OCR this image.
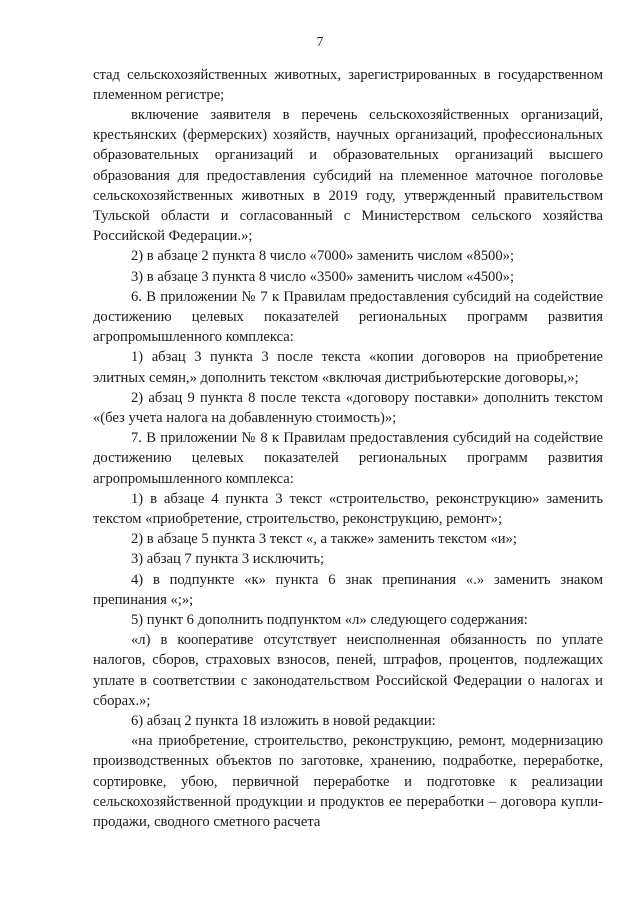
7

стад сельскохозяйственных животных, зарегистрированных в государственном племенном регистре;

включение заявителя в перечень сельскохозяйственных организаций, крестьянских (фермерских) хозяйств, научных организаций, профессиональных образовательных организаций и образовательных организаций высшего образования для предоставления субсидий на племенное маточное поголовье сельскохозяйственных животных в 2019 году, утвержденный правительством Тульской области и согласованный с Министерством сельского хозяйства Российской Федерации.»;

2) в абзаце 2 пункта 8 число «7000» заменить числом «8500»;

3) в абзаце 3 пункта 8 число «3500» заменить числом «4500»;

6. В приложении № 7 к Правилам предоставления субсидий на содействие достижению целевых показателей региональных программ развития агропромышленного комплекса:

1) абзац 3 пункта 3 после текста «копии договоров на приобретение элитных семян,» дополнить текстом «включая дистрибьютерские договоры,»;

2) абзац 9 пункта 8 после текста «договору поставки» дополнить текстом «(без учета налога на добавленную стоимость)»;

7. В приложении № 8 к Правилам предоставления субсидий на содействие достижению целевых показателей региональных программ развития агропромышленного комплекса:

1) в абзаце 4 пункта 3 текст «строительство, реконструкцию» заменить текстом «приобретение, строительство, реконструкцию, ремонт»;

2) в абзаце 5 пункта 3 текст «, а также» заменить текстом «и»;

3) абзац 7 пункта 3 исключить;

4) в подпункте «к» пункта 6 знак препинания «.» заменить знаком препинания «;»;

5) пункт 6 дополнить подпунктом «л» следующего содержания:

«л) в кооперативе отсутствует неисполненная обязанность по уплате налогов, сборов, страховых взносов, пеней, штрафов, процентов, подлежащих уплате в соответствии с законодательством Российской Федерации о налогах и сборах.»;

6) абзац 2 пункта 18 изложить в новой редакции:

«на приобретение, строительство, реконструкцию, ремонт, модернизацию производственных объектов по заготовке, хранению, подработке, переработке, сортировке, убою, первичной переработке и подготовке к реализации сельскохозяйственной продукции и продуктов ее переработки – договора купли-продажи, сводного сметного расчета
